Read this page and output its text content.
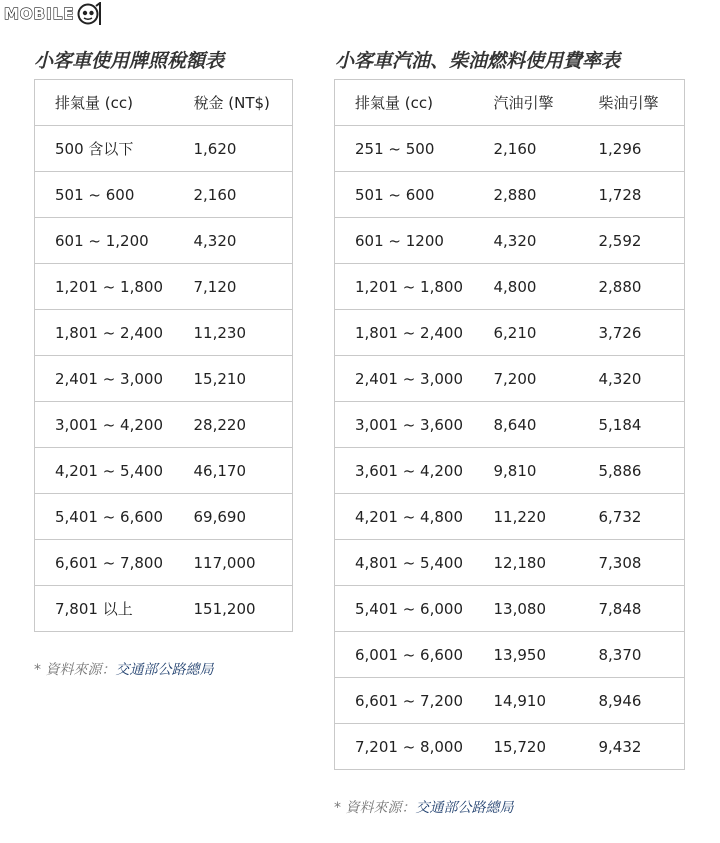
MOBILE
小客車使用牌照稅額表
排氣量 (cc)	稅金 (NT$)
500 含以下	1,620
501 ~ 600	2,160
601 ~ 1,200	4,320
1,201 ~ 1,800	7,120
1,801 ~ 2,400	11,230
2,401 ~ 3,000	15,210
3,001 ~ 4,200	28,220
4,201 ~ 5,400	46,170
5,401 ~ 6,600	69,690
6,601 ~ 7,800	117,000
7,801 以上	151,200
* 資料來源：交通部公路總局
小客車汽油、柴油燃料使用費率表
排氣量 (cc)	汽油引擎	柴油引擎
251 ~ 500	2,160	1,296
501 ~ 600	2,880	1,728
601 ~ 1200	4,320	2,592
1,201 ~ 1,800	4,800	2,880
1,801 ~ 2,400	6,210	3,726
2,401 ~ 3,000	7,200	4,320
3,001 ~ 3,600	8,640	5,184
3,601 ~ 4,200	9,810	5,886
4,201 ~ 4,800	11,220	6,732
4,801 ~ 5,400	12,180	7,308
5,401 ~ 6,000	13,080	7,848
6,001 ~ 6,600	13,950	8,370
6,601 ~ 7,200	14,910	8,946
7,201 ~ 8,000	15,720	9,432
* 資料來源：交通部公路總局
